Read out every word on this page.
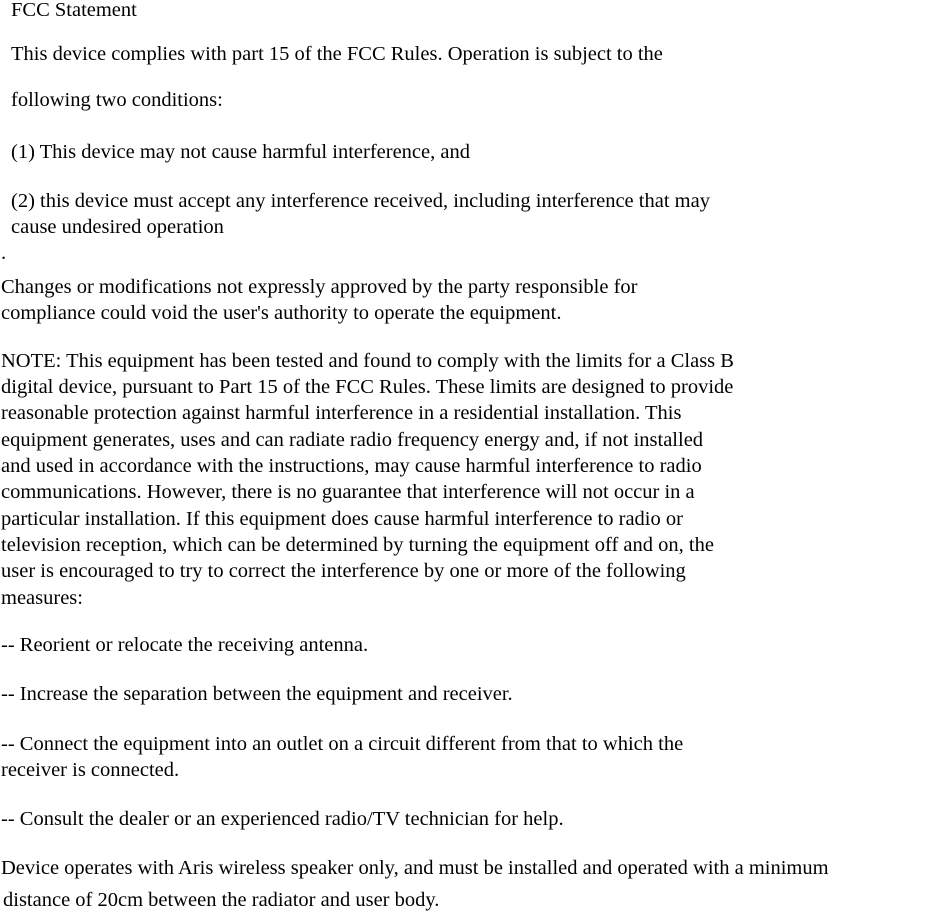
FCC Statement

This device complies with part 15 of the FCC Rules. Operation is subject to the

following two conditions:

(1) This device may not cause harmful interference, and

(2) this device must accept any interference received, including interference that may

cause undesired operation

.

Changes or modifications not expressly approved by the party responsible for

compliance could void the user's authority to operate the equipment.

NOTE: This equipment has been tested and found to comply with the limits for a Class B

digital device, pursuant to Part 15 of the FCC Rules. These limits are designed to provide

reasonable protection against harmful interference in a residential installation. This

equipment generates, uses and can radiate radio frequency energy and, if not installed

and used in accordance with the instructions, may cause harmful interference to radio

communications. However, there is no guarantee that interference will not occur in a

particular installation. If this equipment does cause harmful interference to radio or

television reception, which can be determined by turning the equipment off and on, the

user is encouraged to try to correct the interference by one or more of the following

measures:

-- Reorient or relocate the receiving antenna.

-- Increase the separation between the equipment and receiver.

-- Connect the equipment into an outlet on a circuit different from that to which the

receiver is connected.

-- Consult the dealer or an experienced radio/TV technician for help.

Device operates with Aris wireless speaker only, and must be installed and operated with a minimum

distance of 20cm between the radiator and user body.
